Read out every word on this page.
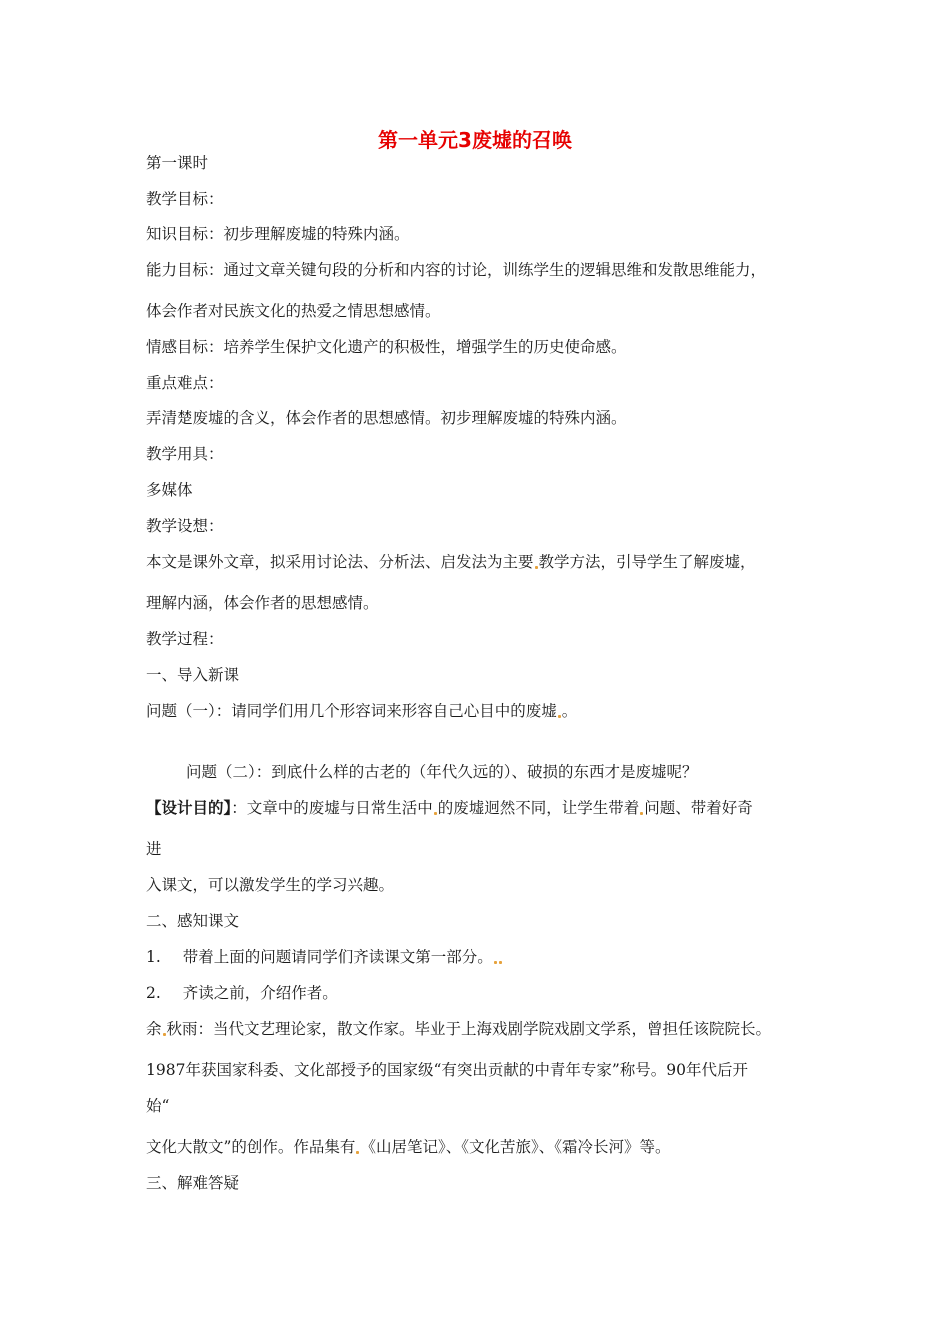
第一单元3废墟的召唤
第一课时
教学目标：
知识目标：初步理解废墟的特殊内涵。
能力目标：通过文章关键句段的分析和内容的讨论，训练学生的逻辑思维和发散思维能力，
体会作者对民族文化的热爱之情思想感情。
情感目标：培养学生保护文化遗产的积极性，增强学生的历史使命感。
重点难点：
弄清楚废墟的含义，体会作者的思想感情。初步理解废墟的特殊内涵。
教学用具：
多媒体
教学设想：
本文是课外文章，拟采用讨论法、分析法、启发法为主要 教学方法，引导学生了解废墟，
理解内涵，体会作者的思想感情。
教学过程：
一、导入新课
问题（一）：请同学们用几个形容词来形容自己心目中的废墟 。
问题（二）：到底什么样的古老的（年代久远的）、破损的东西才是废墟呢？
【设计目的】：文章中的废墟与日常生活中 的废墟迥然不同，让学生带着 问题、带着好奇
进
入课文，可以激发学生的学习兴趣。
二、感知课文
1. 带着上面的问题请同学们齐读课文第一部分。
2. 齐读之前，介绍作者。
余 秋雨：当代文艺理论家，散文作家。毕业于上海戏剧学院戏剧文学系，曾担任该院院长。
1987年获国家科委、文化部授予的国家级“有突出贡献的中青年专家”称号。90年代后开
始“
文化大散文”的创作。作品集有 《山居笔记》、《文化苦旅》、《霜冷长河》等。
三、解难答疑
